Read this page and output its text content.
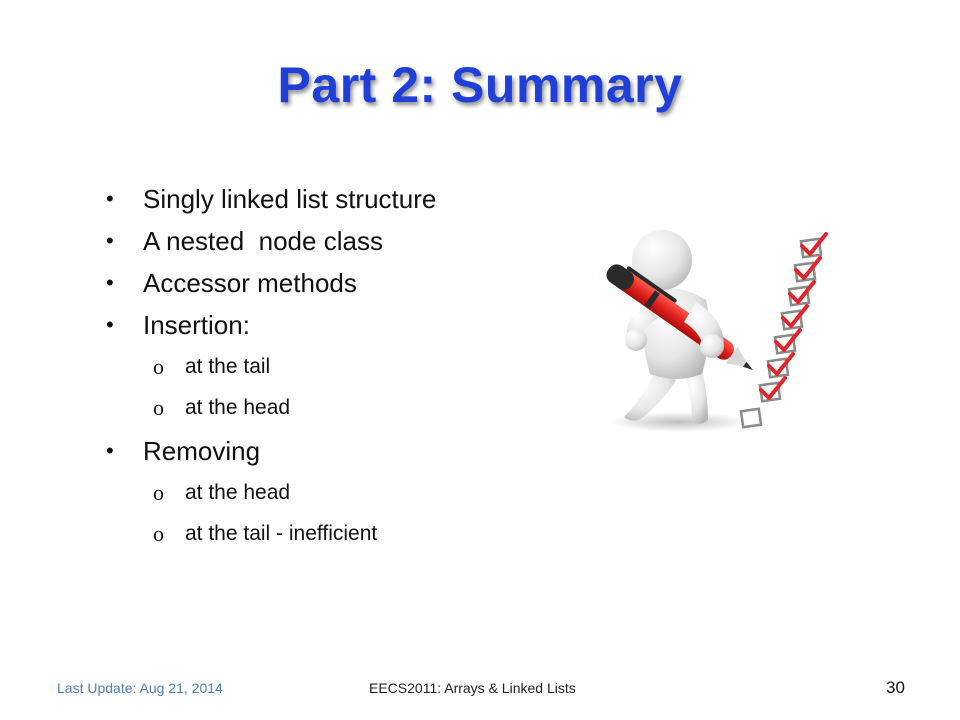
Part 2: Summary
• Singly linked list structure
• A nested  node class
• Accessor methods
• Insertion:
o at the tail
o at the head
• Removing
o at the head
o at the tail - inefficient
Last Update: Aug 21, 2014	EECS2011: Arrays & Linked Lists	30
